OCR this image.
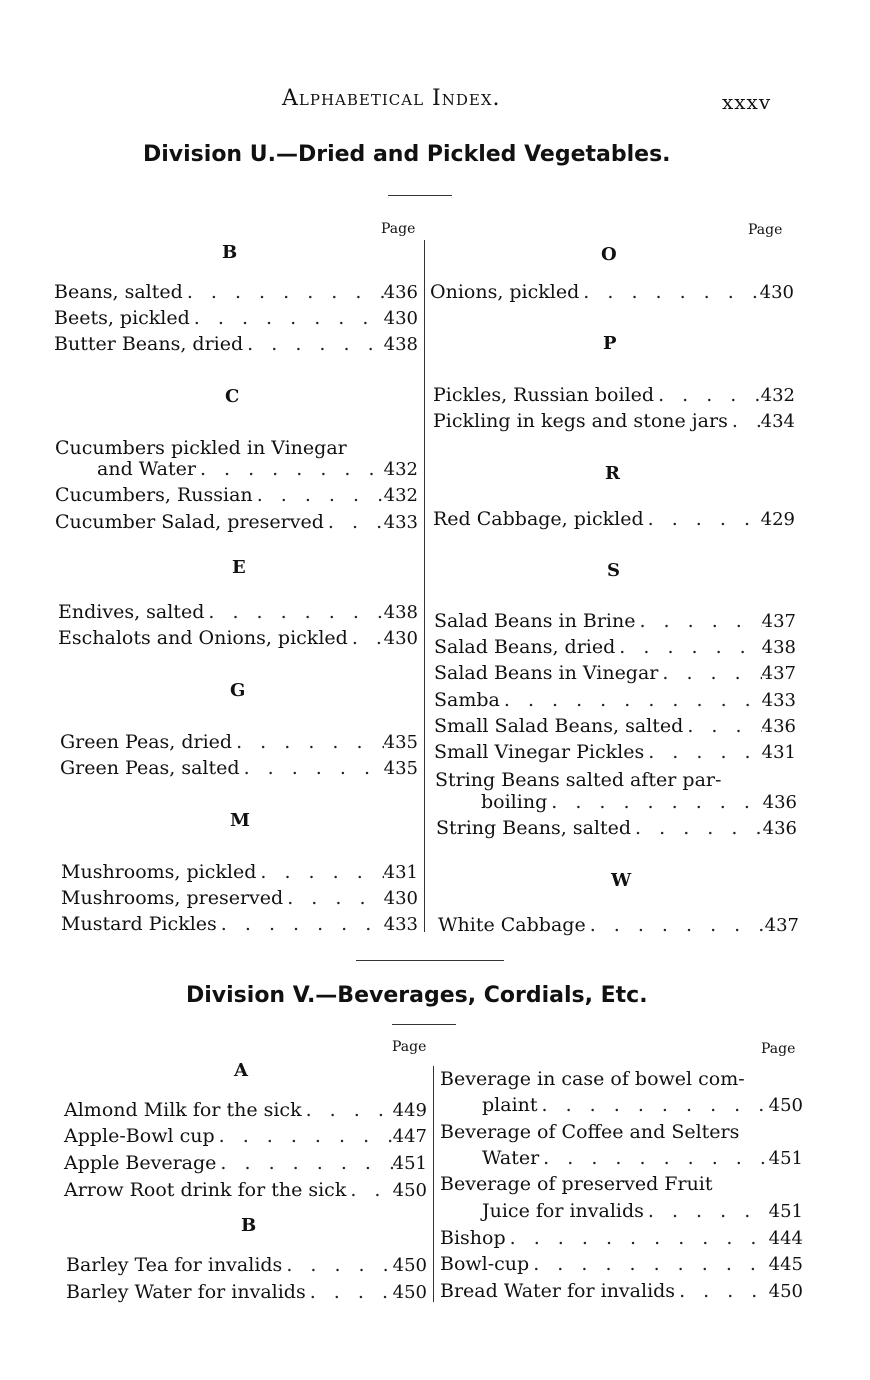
Alphabetical Index.	xxxv
Division U.—Dried and Pickled Vegetables.
Page	Page
B
Beans, salted . . .	436
Beets, pickled . . .	430
Butter Beans, dried . . .	438
C
Cucumbers pickled in Vinegar
and Water . . .	432
Cucumbers, Russian . . .	432
Cucumber Salad, preserved . . .	433
E
Endives, salted . . .	438
Eschalots and Onions, pickled . . . 430
G
Green Peas, dried . . .	435
Green Peas, salted . . .	435
M
Mushrooms, pickled . . .	431
Mushrooms, preserved . . .	430
Mustard Pickles . . .	433
O
Onions, pickled . . .	430
P
Pickles, Russian boiled . . .	432
Pickling in kegs and stone jars . . . 434
R
Red Cabbage, pickled . . .	429
S
Salad Beans in Brine . . .	437
Salad Beans, dried . . .	438
Salad Beans in Vinegar . . .	437
Samba . . .	433
Small Salad Beans, salted . . .	436
Small Vinegar Pickles . . .	431
String Beans salted after par-
boiling . . .	436
String Beans, salted . . .	436
W
White Cabbage . . .	437
Division V.—Beverages, Cordials, Etc.
Page	Page
A
Almond Milk for the sick . . .	449
Apple-Bowl cup . . .	447
Apple Beverage . . .	451
Arrow Root drink for the sick . . .	450
B
Barley Tea for invalids . . .	450
Barley Water for invalids . . .	450
Beverage in case of bowel com-
plaint . . .	450
Beverage of Coffee and Selters
Water . . .	451
Beverage of preserved Fruit
Juice for invalids . . .	451
Bishop . . .	444
Bowl-cup . . .	445
Bread Water for invalids . . .	450
